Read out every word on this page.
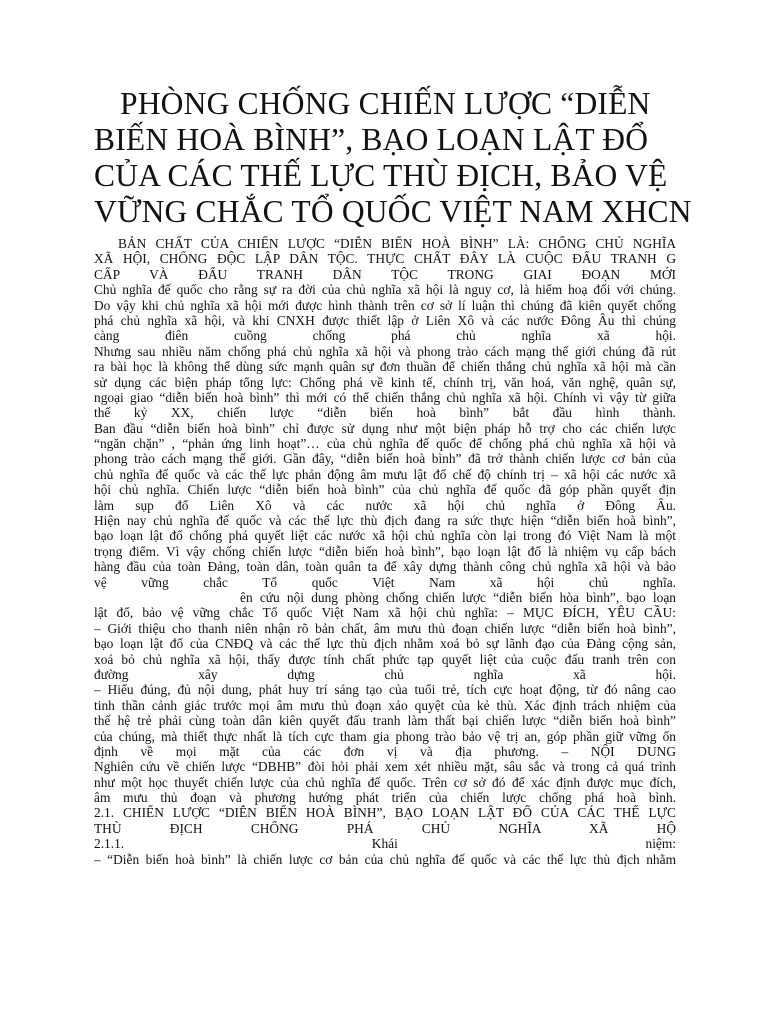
PHÒNG CHỐNG CHIẾN LƯỢC “DIỄN
BIẾN HOÀ BÌNH”, BẠO LOẠN LẬT ĐỔ
CỦA CÁC THẾ LỰC THÙ ĐỊCH, BẢO VỆ
VỮNG CHẮC TỔ QUỐC VIỆT NAM XHCN
BẢN CHẤT CỦA CHIẾN LƯỢC “DIỄN BIẾN HOÀ BÌNH” LÀ: CHỐNG CHỦ NGHĨA
XÃ HỘI, CHỐNG ĐỘC LẬP DÂN TỘC. THỰC CHẤT ĐÂY LÀ CUỘC ĐẤU TRANH G
CẤP VÀ ĐẤU TRANH DÂN TỘC TRONG GIAI ĐOẠN MỚI
Chủ nghĩa đế quốc cho rằng sự ra đời của chủ nghĩa xã hội là nguy cơ, là hiểm hoạ đối với chúng.
Do vậy khi chủ nghĩa xã hội mới được hình thành trên cơ sở lí luận thì chúng đã kiên quyết chống
phá chủ nghĩa xã hội, và khi CNXH được thiết lập ở Liên Xô và các nước Đông Âu thì chúng
càng điên cuồng chống phá chủ nghĩa xã hội.
Nhưng sau nhiều năm chống phá chủ nghĩa xã hội và phong trào cách mạng thế giới chúng đã rút
ra bài học là không thể dùng sức mạnh quân sự đơn thuần để chiến thắng chủ nghĩa xã hội mà cần
sử dụng các biện pháp tổng lực: Chống phá về kinh tế, chính trị, văn hoá, văn nghệ, quân sự,
ngoại giao “diễn biến hoà bình” thì mới có thể chiến thắng chủ nghĩa xã hội. Chính vì vậy từ giữa
thế kỷ XX, chiến lược “diễn biến hoà bình” bắt đầu hình thành.
Ban đầu “diễn biến hoà bình” chỉ được sử dụng như một biện pháp hỗ trợ cho các chiến lược
“ngăn chặn” , “phản ứng linh hoạt”… của chủ nghĩa đế quốc để chống phá chủ nghĩa xã hội và
phong trào cách mạng thế giới. Gần đây, “diễn biến hoà bình” đã trở thành chiến lược cơ bản của
chủ nghĩa đế quốc và các thế lực phản động âm mưu lật đổ chế độ chính trị – xã hội các nước xã
hội chủ nghĩa. Chiến lược “diễn biến hoà bình” của chủ nghĩa đế quốc đã góp phần quyết địn
làm sụp đổ Liên Xô và các nước xã hội chủ nghĩa ở Đông Âu.
Hiện nay chủ nghĩa đế quốc và các thế lực thù địch đang ra sức thực hiện “diễn biến hoà bình”,
bạo loạn lật đổ chống phá quyết liệt các nước xã hội chủ nghĩa còn lại trong đó Việt Nam là một
trọng điểm. Vì vậy chống chiến lược “diễn biến hoà bình”, bạo loạn lật đổ là nhiệm vụ cấp bách
hàng đầu của toàn Đảng, toàn dân, toàn quân ta để xây dựng thành công chủ nghĩa xã hội và bảo
vệ vững chắc Tổ quốc Việt Nam xã hội chủ nghĩa.
ên cứu nội dung phòng chống chiến lược “diễn biến hòa bình”, bạo loạn
lật đổ, bảo vệ vững chắc Tổ quốc Việt Nam xã hội chủ nghĩa: – MỤC ĐÍCH, YÊU CẦU:
– Giới thiệu cho thanh niên nhận rõ bản chất, âm mưu thủ đoạn chiến lược “diễn biến hoà bình”,
bạo loạn lật đổ của CNĐQ và các thế lực thù địch nhằm xoá bỏ sự lãnh đạo của Đảng cộng sản,
xoá bỏ chủ nghĩa xã hội, thấy được tính chất phức tạp quyết liệt của cuộc đấu tranh trên con
đường xây dựng chủ nghĩa xã hội.
– Hiểu đúng, đủ nội dung, phát huy trí sáng tạo của tuổi trẻ, tích cực hoạt động, từ đó nâng cao
tinh thần cảnh giác trước mọi âm mưu thủ đoạn xảo quyệt của kẻ thù. Xác định trách nhiệm của
thế hệ trẻ phải cùng toàn dân kiên quyết đấu tranh làm thất bại chiến lược “diễn biến hoà bình”
của chúng, mà thiết thực nhất là tích cực tham gia phong trào bảo vệ trị an, góp phần giữ vững ổn
định về mọi mặt của các đơn vị và địa phương. – NỘI DUNG
Nghiên cứu về chiến lược “DBHB” đòi hỏi phải xem xét nhiều mặt, sâu sắc và trong cả quá trình
như một học thuyết chiến lược của chủ nghĩa đế quốc. Trên cơ sở đó để xác định được mục đích,
âm mưu thủ đoạn và phương hướng phát triển của chiến lược chống phá hoà bình.
2.1. CHIẾN LƯỢC “DIỄN BIẾN HOÀ BÌNH”, BẠO LOẠN LẬT ĐỔ CỦA CÁC THẾ LỰC
THÙ ĐỊCH CHỐNG PHÁ CHỦ NGHĨA XÃ HỘ
2.1.1. Khái niệm:
– “Diễn biến hoà bình” là chiến lược cơ bản của chủ nghĩa đế quốc và các thế lực thù địch nhằm
